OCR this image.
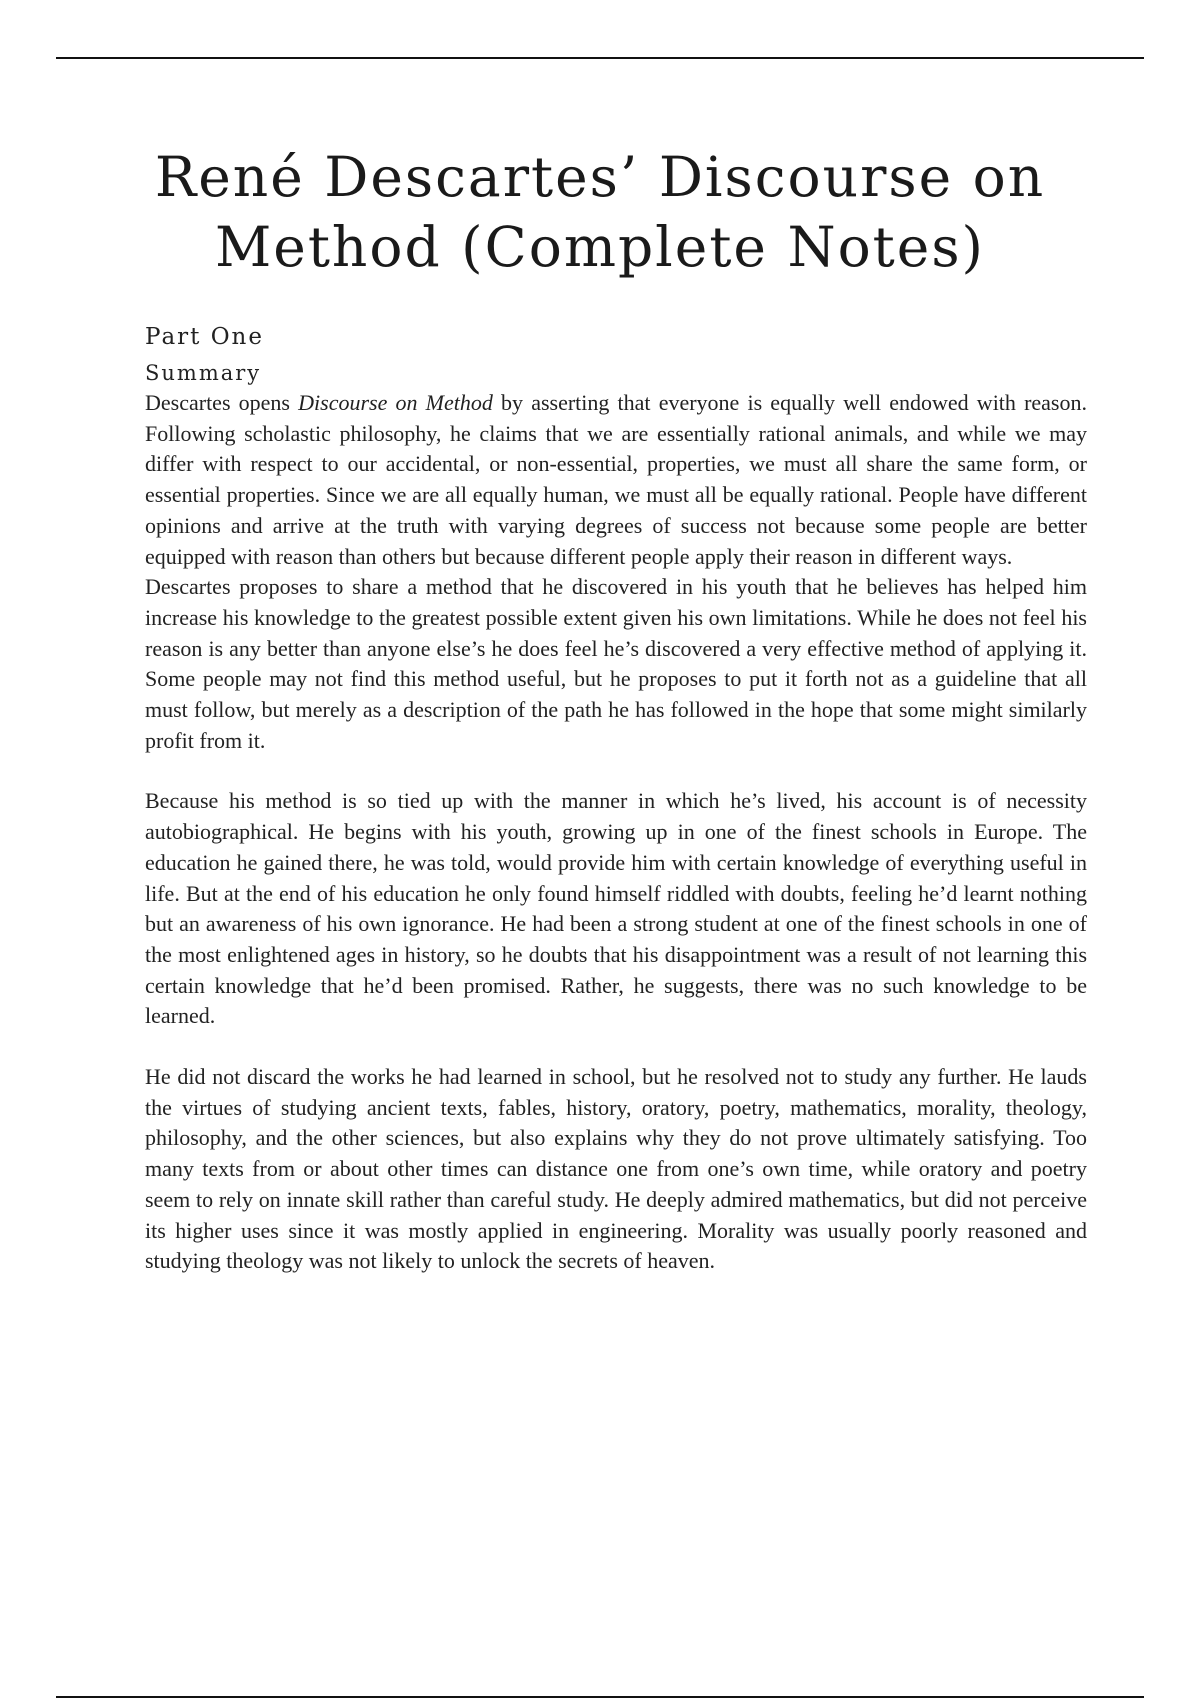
René Descartes’ Discourse on Method (Complete Notes)
Part One
Summary

Descartes opens Discourse on Method by asserting that everyone is equally well endowed with reason. Following scholastic philosophy, he claims that we are essentially rational animals, and while we may differ with respect to our accidental, or non-essential, properties, we must all share the same form, or essential properties. Since we are all equally human, we must all be equally rational. People have different opinions and arrive at the truth with varying degrees of success not because some people are better equipped with reason than others but because different people apply their reason in different ways.

Descartes proposes to share a method that he discovered in his youth that he believes has helped him increase his knowledge to the greatest possible extent given his own limitations. While he does not feel his reason is any better than anyone else’s he does feel he’s discovered a very effective method of applying it. Some people may not find this method useful, but he proposes to put it forth not as a guideline that all must follow, but merely as a description of the path he has followed in the hope that some might similarly profit from it.

Because his method is so tied up with the manner in which he’s lived, his account is of necessity autobiographical. He begins with his youth, growing up in one of the finest schools in Europe. The education he gained there, he was told, would provide him with certain knowledge of everything useful in life. But at the end of his education he only found himself riddled with doubts, feeling he’d learnt nothing but an awareness of his own ignorance. He had been a strong student at one of the finest schools in one of the most enlightened ages in history, so he doubts that his disappointment was a result of not learning this certain knowledge that he’d been promised. Rather, he suggests, there was no such knowledge to be learned.

He did not discard the works he had learned in school, but he resolved not to study any further. He lauds the virtues of studying ancient texts, fables, history, oratory, poetry, mathematics, morality, theology, philosophy, and the other sciences, but also explains why they do not prove ultimately satisfying. Too many texts from or about other times can distance one from one’s own time, while oratory and poetry seem to rely on innate skill rather than careful study. He deeply admired mathematics, but did not perceive its higher uses since it was mostly applied in engineering. Morality was usually poorly reasoned and studying theology was not likely to unlock the secrets of heaven.
